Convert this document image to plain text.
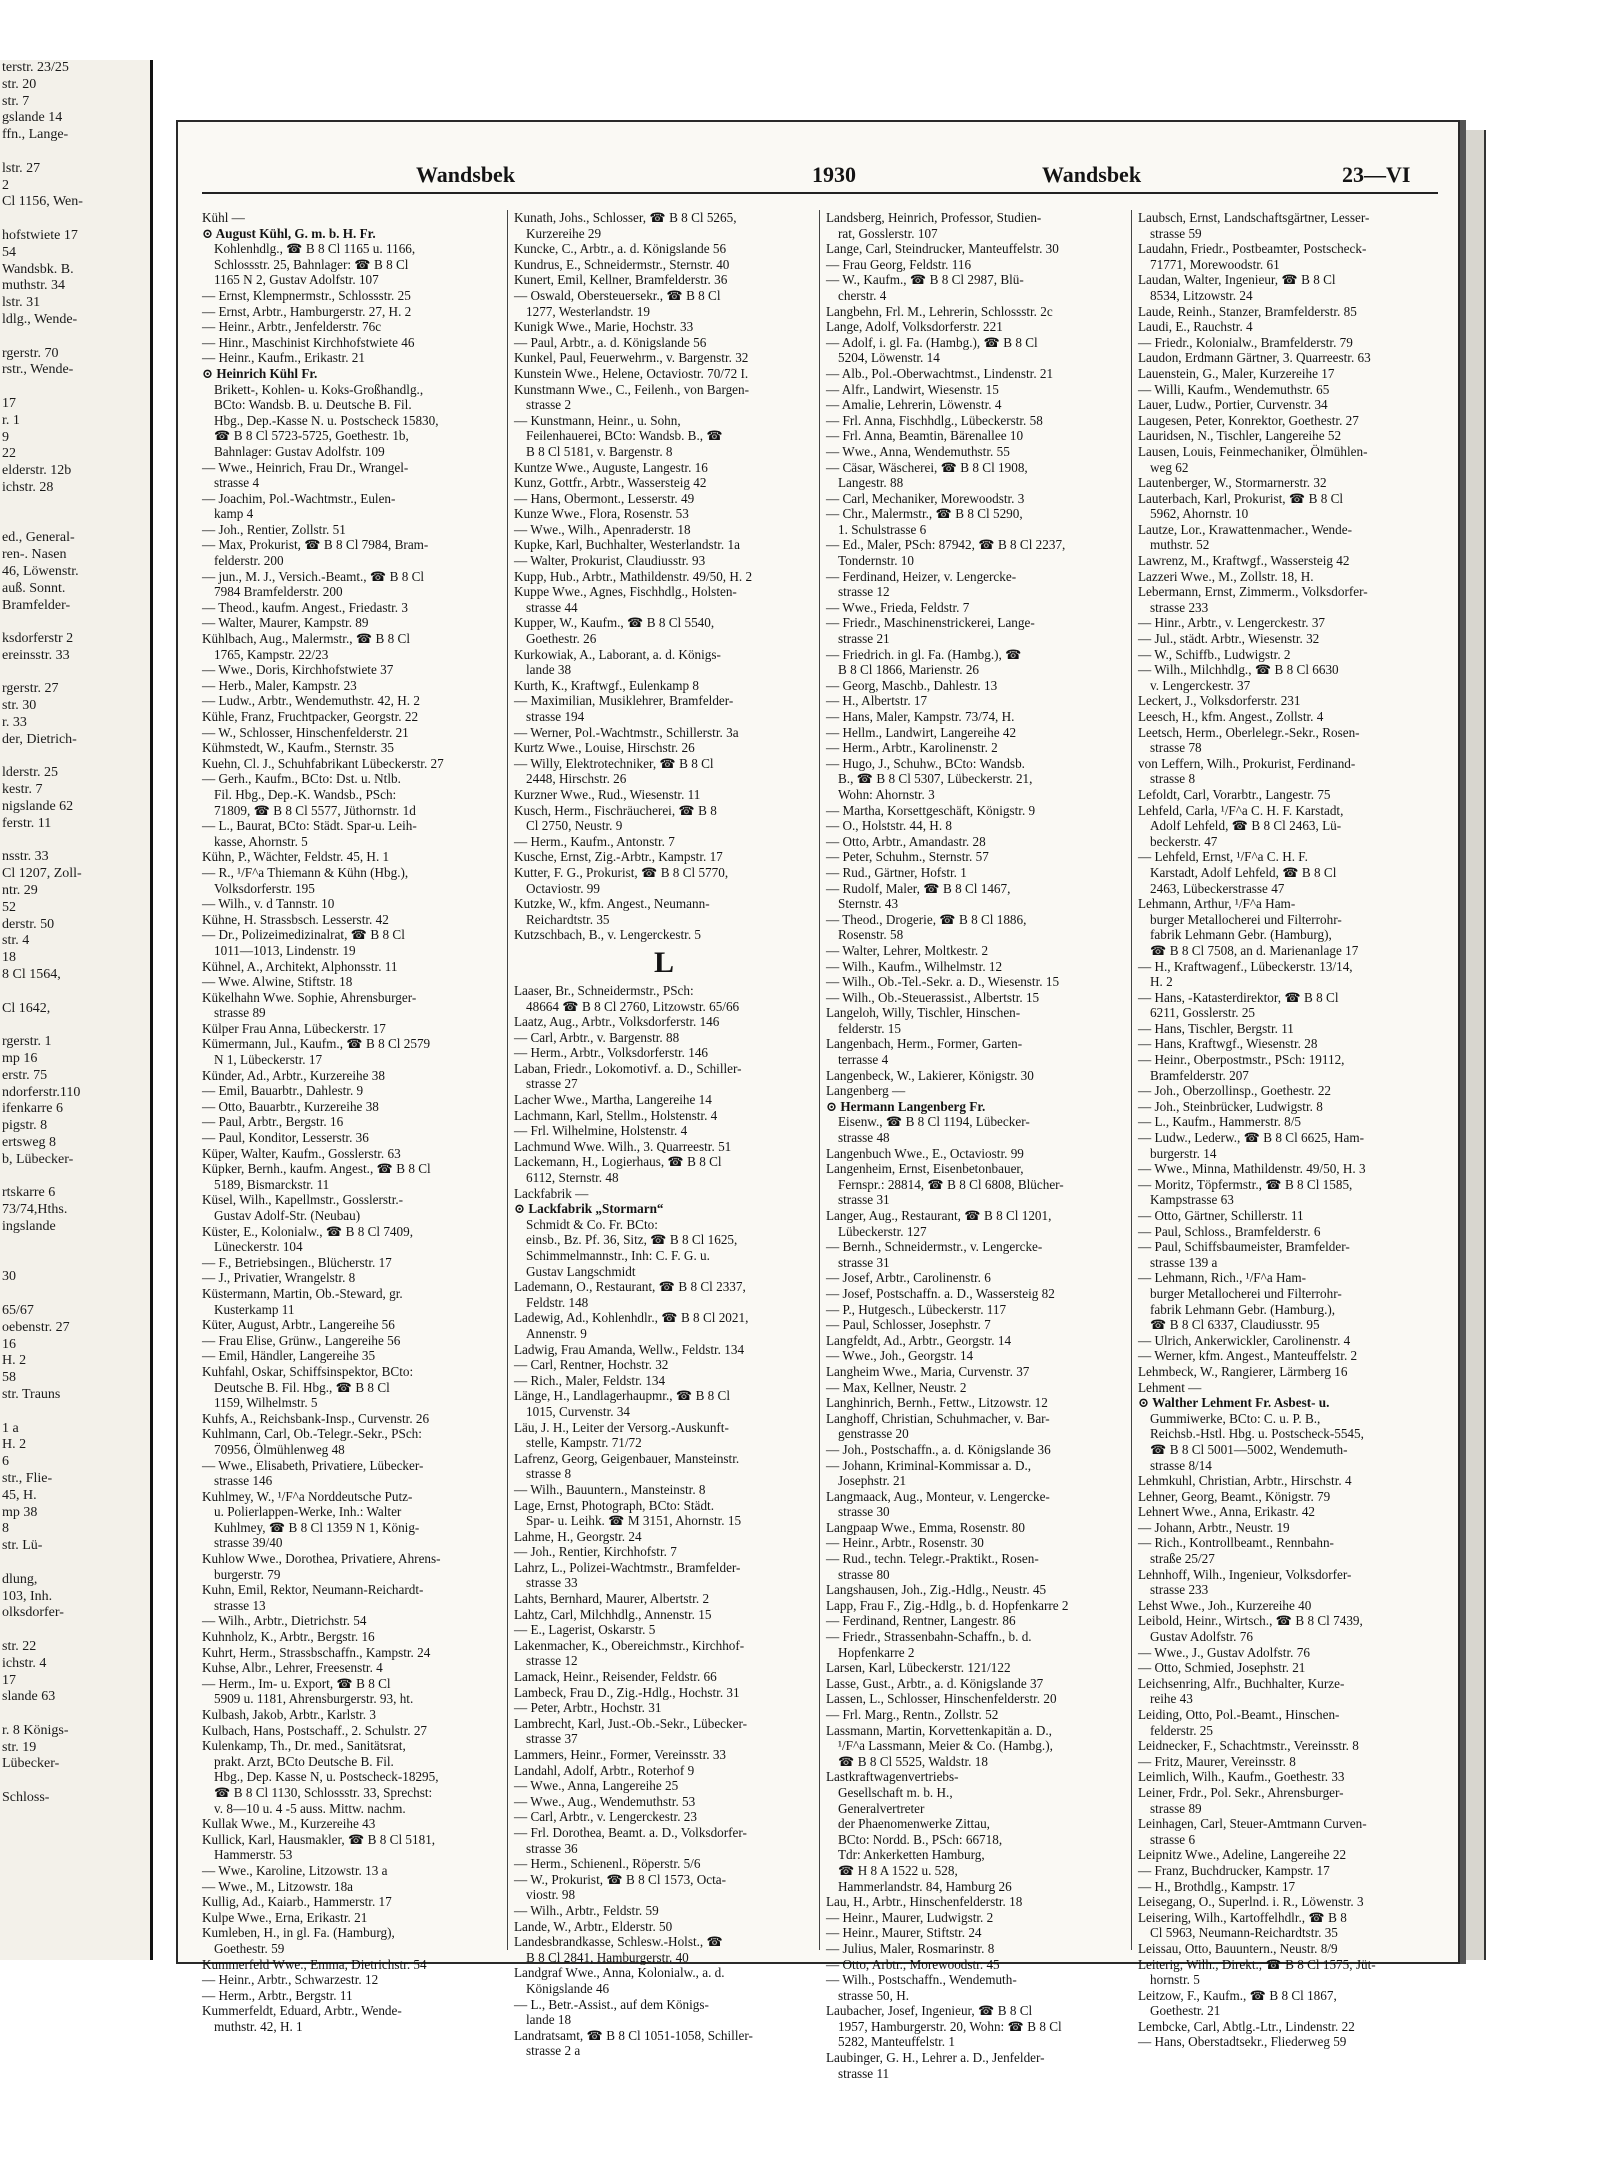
terstr. 23/25
str. 20
str. 7
gslande 14
ffn., Lange-

lstr. 27
2
Cl 1156, Wen-

hofstwiete 17
54
Wandsbk. B.
muthstr. 34
lstr. 31
ldlg., Wende-

rgerstr. 70
rstr., Wende-

17
r. 1
9
22
elderstr. 12b
ichstr. 28

ed., General-
ren-. Nasen
46, Löwenstr.
auß. Sonnt.
Bramfelder-

ksdorferstr 2
ereinsstr. 33

rgerstr. 27
str. 30
r. 33
der, Dietrich-

lderstr. 25
kestr. 7
nigslande 62
ferstr. 11

nsstr. 33
Cl 1207, Zoll-
ntr. 29
52
derstr. 50
str. 4
18
8 Cl 1564,

Cl 1642,

rgerstr. 1
mp 16
erstr. 75
ndorferstr.110
ifenkarre 6
pigstr. 8
ertsweg 8
b, Lübecker-

rtskarre 6
73/74,Hths.
ingslande

30

65/67
oebenstr. 27
16
H. 2
58
str. Trauns

1 a
H. 2
6
str., Flie-
45, H.
mp 38
8
str. Lü-

dlung,
103, Inh.
olksdorfer-

str. 22
ichstr. 4
17
slande 63

r. 8 Königs-
str. 19
Lübecker-

Schloss-
Wandsbek	1930	Wandsbek	23—VI
Kühl —
⊙ August Kühl, G. m. b. H. Fr.
Kohlenhdlg., ☎ B 8 Cl 1165 u. 1166,
Schlossstr. 25, Bahnlager: ☎ B 8 Cl
1165 N 2, Gustav Adolfstr. 107
— Ernst, Klempnermstr., Schlossstr. 25
— Ernst, Arbtr., Hamburgerstr. 27, H. 2
— Heinr., Arbtr., Jenfelderstr. 76c
— Hinr., Maschinist Kirchhofstwiete 46
— Heinr., Kaufm., Erikastr. 21
⊙ Heinrich Kühl Fr.
Brikett-, Kohlen- u. Koks-Großhandlg.,
BCto: Wandsb. B. u. Deutsche B. Fil.
Hbg., Dep.-Kasse N. u. Postscheck 15830,
☎ B 8 Cl 5723-5725, Goethestr. 1b,
Bahnlager: Gustav Adolfstr. 109
— Wwe., Heinrich, Frau Dr., Wrangel-
strasse 4
— Joachim, Pol.-Wachtmstr., Eulen-
kamp 4
— Joh., Rentier, Zollstr. 51
— Max, Prokurist, ☎ B 8 Cl 7984, Bram-
felderstr. 200
— jun., M. J., Versich.-Beamt., ☎ B 8 Cl
7984 Bramfelderstr. 200
— Theod., kaufm. Angest., Friedastr. 3
— Walter, Maurer, Kampstr. 89
Kühlbach, Aug., Malermstr., ☎ B 8 Cl
1765, Kampstr. 22/23
— Wwe., Doris, Kirchhofstwiete 37
— Herb., Maler, Kampstr. 23
— Ludw., Arbtr., Wendemuthstr. 42, H. 2
Kühle, Franz, Fruchtpacker, Georgstr. 22
— W., Schlosser, Hinschenfelderstr. 21
Kühmstedt, W., Kaufm., Sternstr. 35
Kuehn, Cl. J., Schuhfabrikant Lübeckerstr. 27
— Gerh., Kaufm., BCto: Dst. u. Ntlb.
Fil. Hbg., Dep.-K. Wandsb., PSch:
71809, ☎ B 8 Cl 5577, Jüthornstr. 1d
— L., Baurat, BCto: Städt. Spar-u. Leih-
kasse, Ahornstr. 5
Kühn, P., Wächter, Feldstr. 45, H. 1
— R., ¹/F^a Thiemann & Kühn (Hbg.),
Volksdorferstr. 195
— Wilh., v. d Tannstr. 10
Kühne, H. Strassbsch. Lesserstr. 42
— Dr., Polizeimedizinalrat, ☎ B 8 Cl
1011—1013, Lindenstr. 19
Kühnel, A., Architekt, Alphonsstr. 11
— Wwe. Alwine, Stiftstr. 18
Kükelhahn Wwe. Sophie, Ahrensburger-
strasse 89
Külper Frau Anna, Lübeckerstr. 17
Kümermann, Jul., Kaufm., ☎ B 8 Cl 2579
N 1, Lübeckerstr. 17
Künder, Ad., Arbtr., Kurzereihe 38
— Emil, Bauarbtr., Dahlestr. 9
— Otto, Bauarbtr., Kurzereihe 38
— Paul, Arbtr., Bergstr. 16
— Paul, Konditor, Lesserstr. 36
Küper, Walter, Kaufm., Gosslerstr. 63
Küpker, Bernh., kaufm. Angest., ☎ B 8 Cl
5189, Bismarckstr. 11
Küsel, Wilh., Kapellmstr., Gosslerstr.-
Gustav Adolf-Str. (Neubau)
Küster, E., Kolonialw., ☎ B 8 Cl 7409,
Lüneckerstr. 104
— F., Betriebsingen., Blücherstr. 17
— J., Privatier, Wrangelstr. 8
Küstermann, Martin, Ob.-Steward, gr.
Kusterkamp 11
Küter, August, Arbtr., Langereihe 56
— Frau Elise, Grünw., Langereihe 56
— Emil, Händler, Langereihe 35
Kuhfahl, Oskar, Schiffsinspektor, BCto:
Deutsche B. Fil. Hbg., ☎ B 8 Cl
1159, Wilhelmstr. 5
Kuhfs, A., Reichsbank-Insp., Curvenstr. 26
Kuhlmann, Carl, Ob.-Telegr.-Sekr., PSch:
70956, Ölmühlenweg 48
— Wwe., Elisabeth, Privatiere, Lübecker-
strasse 146
Kuhlmey, W., ¹/F^a Norddeutsche Putz-
u. Polierlappen-Werke, Inh.: Walter
Kuhlmey, ☎ B 8 Cl 1359 N 1, König-
strasse 39/40
Kuhlow Wwe., Dorothea, Privatiere, Ahrens-
burgerstr. 79
Kuhn, Emil, Rektor, Neumann-Reichardt-
strasse 13
— Wilh., Arbtr., Dietrichstr. 54
Kuhnholz, K., Arbtr., Bergstr. 16
Kuhrt, Herm., Strassbschaffn., Kampstr. 24
Kuhse, Albr., Lehrer, Freesenstr. 4
— Herm., Im- u. Export, ☎ B 8 Cl
5909 u. 1181, Ahrensburgerstr. 93, ht.
Kulbash, Jakob, Arbtr., Karlstr. 3
Kulbach, Hans, Postschaff., 2. Schulstr. 27
Kulenkamp, Th., Dr. med., Sanitätsrat,
prakt. Arzt, BCto Deutsche B. Fil.
Hbg., Dep. Kasse N, u. Postscheck-18295,
☎ B 8 Cl 1130, Schlossstr. 33, Sprechst:
v. 8—10 u. 4 -5 auss. Mittw. nachm.
Kullak Wwe., M., Kurzereihe 43
Kullick, Karl, Hausmakler, ☎ B 8 Cl 5181,
Hammerstr. 53
— Wwe., Karoline, Litzowstr. 13 a
— Wwe., M., Litzowstr. 18a
Kullig, Ad., Kaiarb., Hammerstr. 17
Kulpe Wwe., Erna, Erikastr. 21
Kumleben, H., in gl. Fa. (Hamburg),
Goethestr. 59
Kummerfeld Wwe., Emma, Dietrichstr. 54
— Heinr., Arbtr., Schwarzestr. 12
— Herm., Arbtr., Bergstr. 11
Kummerfeldt, Eduard, Arbtr., Wende-
muthstr. 42, H. 1
Kunath, Johs., Schlosser, ☎ B 8 Cl 5265,
Kurzereihe 29
Kuncke, C., Arbtr., a. d. Königslande 56
Kundrus, E., Schneidermstr., Sternstr. 40
Kunert, Emil, Kellner, Bramfelderstr. 36
— Oswald, Obersteuersekr., ☎ B 8 Cl
1277, Westerlandstr. 19
Kunigk Wwe., Marie, Hochstr. 33
— Paul, Arbtr., a. d. Königslande 56
Kunkel, Paul, Feuerwehrm., v. Bargenstr. 32
Kunstein Wwe., Helene, Octaviostr. 70/72 I.
Kunstmann Wwe., C., Feilenh., von Bargen-
strasse 2
— Kunstmann, Heinr., u. Sohn,
Feilenhauerei, BCto: Wandsb. B., ☎
B 8 Cl 5181, v. Bargenstr. 8
Kuntze Wwe., Auguste, Langestr. 16
Kunz, Gottfr., Arbtr., Wassersteig 42
— Hans, Obermont., Lesserstr. 49
Kunze Wwe., Flora, Rosenstr. 53
— Wwe., Wilh., Apenraderstr. 18
Kupke, Karl, Buchhalter, Westerlandstr. 1a
— Walter, Prokurist, Claudiusstr. 93
Kupp, Hub., Arbtr., Mathildenstr. 49/50, H. 2
Kuppe Wwe., Agnes, Fischhdlg., Holsten-
strasse 44
Kupper, W., Kaufm., ☎ B 8 Cl 5540,
Goethestr. 26
Kurkowiak, A., Laborant, a. d. Königs-
lande 38
Kurth, K., Kraftwgf., Eulenkamp 8
— Maximilian, Musiklehrer, Bramfelder-
strasse 194
— Werner, Pol.-Wachtmstr., Schillerstr. 3a
Kurtz Wwe., Louise, Hirschstr. 26
— Willy, Elektrotechniker, ☎ B 8 Cl
2448, Hirschstr. 26
Kurzner Wwe., Rud., Wiesenstr. 11
Kusch, Herm., Fischräucherei, ☎ B 8
Cl 2750, Neustr. 9
— Herm., Kaufm., Antonstr. 7
Kusche, Ernst, Zig.-Arbtr., Kampstr. 17
Kutter, F. G., Prokurist, ☎ B 8 Cl 5770,
Octaviostr. 99
Kutzke, W., kfm. Angest., Neumann-
Reichardtstr. 35
Kutzschbach, B., v. Lengerckestr. 5
L
Laaser, Br., Schneidermstr., PSch:
48664 ☎ B 8 Cl 2760, Litzowstr. 65/66
Laatz, Aug., Arbtr., Volksdorferstr. 146
— Carl, Arbtr., v. Bargenstr. 88
— Herm., Arbtr., Volksdorferstr. 146
Laban, Friedr., Lokomotivf. a. D., Schiller-
strasse 27
Lacher Wwe., Martha, Langereihe 14
Lachmann, Karl, Stellm., Holstenstr. 4
— Frl. Wilhelmine, Holstenstr. 4
Lachmund Wwe. Wilh., 3. Quarreestr. 51
Lackemann, H., Logierhaus, ☎ B 8 Cl
6112, Sternstr. 48
Lackfabrik —
⊙ Lackfabrik „Stormarn“
Schmidt & Co. Fr. BCto:
einsb., Bz. Pf. 36, Sitz, ☎ B 8 Cl 1625,
Schimmelmannstr., Inh: C. F. G. u.
Gustav Langschmidt
Lademann, O., Restaurant, ☎ B 8 Cl 2337,
Feldstr. 148
Ladewig, Ad., Kohlenhdlr., ☎ B 8 Cl 2021,
Annenstr. 9
Ladwig, Frau Amanda, Wellw., Feldstr. 134
— Carl, Rentner, Hochstr. 32
— Rich., Maler, Feldstr. 134
Länge, H., Landlagerhaupmr., ☎ B 8 Cl
1015, Curvenstr. 34
Läu, J. H., Leiter der Versorg.-Auskunft-
stelle, Kampstr. 71/72
Lafrenz, Georg, Geigenbauer, Mansteinstr.
strasse 8
— Wilh., Bauuntern., Mansteinstr. 8
Lage, Ernst, Photograph, BCto: Städt.
Spar- u. Leihk. ☎ M 3151, Ahornstr. 15
Lahme, H., Georgstr. 24
— Joh., Rentier, Kirchhofstr. 7
Lahrz, L., Polizei-Wachtmstr., Bramfelder-
strasse 33
Lahts, Bernhard, Maurer, Albertstr. 2
Lahtz, Carl, Milchhdlg., Annenstr. 15
— E., Lagerist, Oskarstr. 5
Lakenmacher, K., Obereichmstr., Kirchhof-
strasse 12
Lamack, Heinr., Reisender, Feldstr. 66
Lambeck, Frau D., Zig.-Hdlg., Hochstr. 31
— Peter, Arbtr., Hochstr. 31
Lambrecht, Karl, Just.-Ob.-Sekr., Lübecker-
strasse 37
Lammers, Heinr., Former, Vereinsstr. 33
Landahl, Adolf, Arbtr., Roterhof 9
— Wwe., Anna, Langereihe 25
— Wwe., Aug., Wendemuthstr. 53
— Carl, Arbtr., v. Lengerckestr. 23
— Frl. Dorothea, Beamt. a. D., Volksdorfer-
strasse 36
— Herm., Schienenl., Röperstr. 5/6
— W., Prokurist, ☎ B 8 Cl 1573, Octa-
viostr. 98
— Wilh., Arbtr., Feldstr. 59
Lande, W., Arbtr., Elderstr. 50
Landesbrandkasse, Schlesw.-Holst., ☎
B 8 Cl 2841, Hamburgerstr. 40
Landgraf Wwe., Anna, Kolonialw., a. d.
Königslande 46
— L., Betr.-Assist., auf dem Königs-
lande 18
Landratsamt, ☎ B 8 Cl 1051-1058, Schiller-
strasse 2 a
Landsberg, Heinrich, Professor, Studien-
rat, Gosslerstr. 107
Lange, Carl, Steindrucker, Manteuffelstr. 30
— Frau Georg, Feldstr. 116
— W., Kaufm., ☎ B 8 Cl 2987, Blü-
cherstr. 4
Langbehn, Frl. M., Lehrerin, Schlossstr. 2c
Lange, Adolf, Volksdorferstr. 221
— Adolf, i. gl. Fa. (Hambg.), ☎ B 8 Cl
5204, Löwenstr. 14
— Alb., Pol.-Oberwachtmst., Lindenstr. 21
— Alfr., Landwirt, Wiesenstr. 15
— Amalie, Lehrerin, Löwenstr. 4
— Frl. Anna, Fischhdlg., Lübeckerstr. 58
— Frl. Anna, Beamtin, Bärenallee 10
— Wwe., Anna, Wendemuthstr. 55
— Cäsar, Wäscherei, ☎ B 8 Cl 1908,
Langestr. 88
— Carl, Mechaniker, Morewoodstr. 3
— Chr., Malermstr., ☎ B 8 Cl 5290,
1. Schulstrasse 6
— Ed., Maler, PSch: 87942, ☎ B 8 Cl 2237,
Tondernstr. 10
— Ferdinand, Heizer, v. Lengercke-
strasse 12
— Wwe., Frieda, Feldstr. 7
— Friedr., Maschinenstrickerei, Lange-
strasse 21
— Friedrich. in gl. Fa. (Hambg.), ☎
B 8 Cl 1866, Marienstr. 26
— Georg, Maschb., Dahlestr. 13
— H., Albertstr. 17
— Hans, Maler, Kampstr. 73/74, H.
— Hellm., Landwirt, Langereihe 42
— Herm., Arbtr., Karolinenstr. 2
— Hugo, J., Schuhw., BCto: Wandsb.
B., ☎ B 8 Cl 5307, Lübeckerstr. 21,
Wohn: Ahornstr. 3
— Martha, Korsettgeschäft, Königstr. 9
— O., Holststr. 44, H. 8
— Otto, Arbtr., Amandastr. 28
— Peter, Schuhm., Sternstr. 57
— Rud., Gärtner, Hofstr. 1
— Rudolf, Maler, ☎ B 8 Cl 1467,
Sternstr. 43
— Theod., Drogerie, ☎ B 8 Cl 1886,
Rosenstr. 58
— Walter, Lehrer, Moltkestr. 2
— Wilh., Kaufm., Wilhelmstr. 12
— Wilh., Ob.-Tel.-Sekr. a. D., Wiesenstr. 15
— Wilh., Ob.-Steuerassist., Albertstr. 15
Langeloh, Willy, Tischler, Hinschen-
felderstr. 15
Langenbach, Herm., Former, Garten-
terrasse 4
Langenbeck, W., Lakierer, Königstr. 30
Langenberg —
⊙ Hermann Langenberg Fr.
Eisenw., ☎ B 8 Cl 1194, Lübecker-
strasse 48
Langenbuch Wwe., E., Octaviostr. 99
Langenheim, Ernst, Eisenbetonbauer,
Fernspr.: 28814, ☎ B 8 Cl 6808, Blücher-
strasse 31
Langer, Aug., Restaurant, ☎ B 8 Cl 1201,
Lübeckerstr. 127
— Bernh., Schneidermstr., v. Lengercke-
strasse 31
— Josef, Arbtr., Carolinenstr. 6
— Josef, Postschaffn. a. D., Wassersteig 82
— P., Hutgesch., Lübeckerstr. 117
— Paul, Schlosser, Josephstr. 7
Langfeldt, Ad., Arbtr., Georgstr. 14
— Wwe., Joh., Georgstr. 14
Langheim Wwe., Maria, Curvenstr. 37
— Max, Kellner, Neustr. 2
Langhinrich, Bernh., Fettw., Litzowstr. 12
Langhoff, Christian, Schuhmacher, v. Bar-
genstrasse 20
— Joh., Postschaffn., a. d. Königslande 36
— Johann, Kriminal-Kommissar a. D.,
Josephstr. 21
Langmaack, Aug., Monteur, v. Lengercke-
strasse 30
Langpaap Wwe., Emma, Rosenstr. 80
— Heinr., Arbtr., Rosenstr. 30
— Rud., techn. Telegr.-Praktikt., Rosen-
strasse 80
Langshausen, Joh., Zig.-Hdlg., Neustr. 45
Lapp, Frau F., Zig.-Hdlg., b. d. Hopfenkarre 2
— Ferdinand, Rentner, Langestr. 86
— Friedr., Strassenbahn-Schaffn., b. d.
Hopfenkarre 2
Larsen, Karl, Lübeckerstr. 121/122
Lasse, Gust., Arbtr., a. d. Königslande 37
Lassen, L., Schlosser, Hinschenfelderstr. 20
— Frl. Marg., Rentn., Zollstr. 52
Lassmann, Martin, Korvettenkapitän a. D.,
¹/F^a Lassmann, Meier & Co. (Hambg.),
☎ B 8 Cl 5525, Waldstr. 18
Lastkraftwagenvertriebs-
Gesellschaft m. b. H.,
Generalvertreter
der Phaenomenwerke Zittau,
BCto: Nordd. B., PSch: 66718,
Tdr: Ankerketten Hamburg,
☎ H 8 A 1522 u. 528,
Hammerlandstr. 84, Hamburg 26
Lau, H., Arbtr., Hinschenfelderstr. 18
— Heinr., Maurer, Ludwigstr. 2
— Heinr., Maurer, Stiftstr. 24
— Julius, Maler, Rosmarinstr. 8
— Otto, Arbtr., Morewoodstr. 45
— Wilh., Postschaffn., Wendemuth-
strasse 50, H.
Laubacher, Josef, Ingenieur, ☎ B 8 Cl
1957, Hamburgerstr. 20, Wohn: ☎ B 8 Cl
5282, Manteuffelstr. 1
Laubinger, G. H., Lehrer a. D., Jenfelder-
strasse 11
Laubsch, Ernst, Landschaftsgärtner, Lesser-
strasse 59
Laudahn, Friedr., Postbeamter, Postscheck-
71771, Morewoodstr. 61
Laudan, Walter, Ingenieur, ☎ B 8 Cl
8534, Litzowstr. 24
Laude, Reinh., Stanzer, Bramfelderstr. 85
Laudi, E., Rauchstr. 4
— Friedr., Kolonialw., Bramfelderstr. 79
Laudon, Erdmann Gärtner, 3. Quarreestr. 63
Lauenstein, G., Maler, Kurzereihe 17
— Willi, Kaufm., Wendemuthstr. 65
Lauer, Ludw., Portier, Curvenstr. 34
Laugesen, Peter, Konrektor, Goethestr. 27
Lauridsen, N., Tischler, Langereihe 52
Lausen, Louis, Feinmechaniker, Ölmühlen-
weg 62
Lautenberger, W., Stormarnerstr. 32
Lauterbach, Karl, Prokurist, ☎ B 8 Cl
5962, Ahornstr. 10
Lautze, Lor., Krawattenmacher., Wende-
muthstr. 52
Lawrenz, M., Kraftwgf., Wassersteig 42
Lazzeri Wwe., M., Zollstr. 18, H.
Lebermann, Ernst, Zimmerm., Volksdorfer-
strasse 233
— Hinr., Arbtr., v. Lengerckestr. 37
— Jul., städt. Arbtr., Wiesenstr. 32
— W., Schiffb., Ludwigstr. 2
— Wilh., Milchhdlg., ☎ B 8 Cl 6630
v. Lengerckestr. 37
Leckert, J., Volksdorferstr. 231
Leesch, H., kfm. Angest., Zollstr. 4
Leetsch, Herm., Oberlelegr.-Sekr., Rosen-
strasse 78
von Leffern, Wilh., Prokurist, Ferdinand-
strasse 8
Lefoldt, Carl, Vorarbtr., Langestr. 75
Lehfeld, Carla, ¹/F^a C. H. F. Karstadt,
Adolf Lehfeld, ☎ B 8 Cl 2463, Lü-
beckerstr. 47
— Lehfeld, Ernst, ¹/F^a C. H. F.
Karstadt, Adolf Lehfeld, ☎ B 8 Cl
2463, Lübeckerstrasse 47
Lehmann, Arthur, ¹/F^a Ham-
burger Metallocherei und Filterrohr-
fabrik Lehmann Gebr. (Hamburg),
☎ B 8 Cl 7508, an d. Marienanlage 17
— H., Kraftwagenf., Lübeckerstr. 13/14,
H. 2
— Hans, -Katasterdirektor, ☎ B 8 Cl
6211, Gosslerstr. 25
— Hans, Tischler, Bergstr. 11
— Hans, Kraftwgf., Wiesenstr. 28
— Heinr., Oberpostmstr., PSch: 19112,
Bramfelderstr. 207
— Joh., Oberzollinsp., Goethestr. 22
— Joh., Steinbrücker, Ludwigstr. 8
— L., Kaufm., Hammerstr. 8/5
— Ludw., Lederw., ☎ B 8 Cl 6625, Ham-
burgerstr. 14
— Wwe., Minna, Mathildenstr. 49/50, H. 3
— Moritz, Töpfermstr., ☎ B 8 Cl 1585,
Kampstrasse 63
— Otto, Gärtner, Schillerstr. 11
— Paul, Schloss., Bramfelderstr. 6
— Paul, Schiffsbaumeister, Bramfelder-
strasse 139 a
— Lehmann, Rich., ¹/F^a Ham-
burger Metallocherei und Filterrohr-
fabrik Lehmann Gebr. (Hamburg.),
☎ B 8 Cl 6337, Claudiusstr. 95
— Ulrich, Ankerwickler, Carolinenstr. 4
— Werner, kfm. Angest., Manteuffelstr. 2
Lehmbeck, W., Rangierer, Lärmberg 16
Lehment —
⊙ Walther Lehment Fr. Asbest- u.
Gummiwerke, BCto: C. u. P. B.,
Reichsb.-Hstl. Hbg. u. Postscheck-5545,
☎ B 8 Cl 5001—5002, Wendemuth-
strasse 8/14
Lehmkuhl, Christian, Arbtr., Hirschstr. 4
Lehner, Georg, Beamt., Königstr. 79
Lehnert Wwe., Anna, Erikastr. 42
— Johann, Arbtr., Neustr. 19
— Rich., Kontrollbeamt., Rennbahn-
straße 25/27
Lehnhoff, Wilh., Ingenieur, Volksdorfer-
strasse 233
Lehst Wwe., Joh., Kurzereihe 40
Leibold, Heinr., Wirtsch., ☎ B 8 Cl 7439,
Gustav Adolfstr. 76
— Wwe., J., Gustav Adolfstr. 76
— Otto, Schmied, Josephstr. 21
Leichsenring, Alfr., Buchhalter, Kurze-
reihe 43
Leiding, Otto, Pol.-Beamt., Hinschen-
felderstr. 25
Leidnecker, F., Schachtmstr., Vereinsstr. 8
— Fritz, Maurer, Vereinsstr. 8
Leimlich, Wilh., Kaufm., Goethestr. 33
Leiner, Frdr., Pol. Sekr., Ahrensburger-
strasse 89
Leinhagen, Carl, Steuer-Amtmann Curven-
strasse 6
Leipnitz Wwe., Adeline, Langereihe 22
— Franz, Buchdrucker, Kampstr. 17
— H., Brothdlg., Kampstr. 17
Leisegang, O., Superlnd. i. R., Löwenstr. 3
Leisering, Wilh., Kartoffelhdlr., ☎ B 8
Cl 5963, Neumann-Reichardtstr. 35
Leissau, Otto, Bauuntern., Neustr. 8/9
Leiterig, Wilh., Direkt., ☎ B 8 Cl 1575, Jüt-
hornstr. 5
Leitzow, F., Kaufm., ☎ B 8 Cl 1867,
Goethestr. 21
Lembcke, Carl, Abtlg.-Ltr., Lindenstr. 22
— Hans, Oberstadtsekr., Fliederweg 59
